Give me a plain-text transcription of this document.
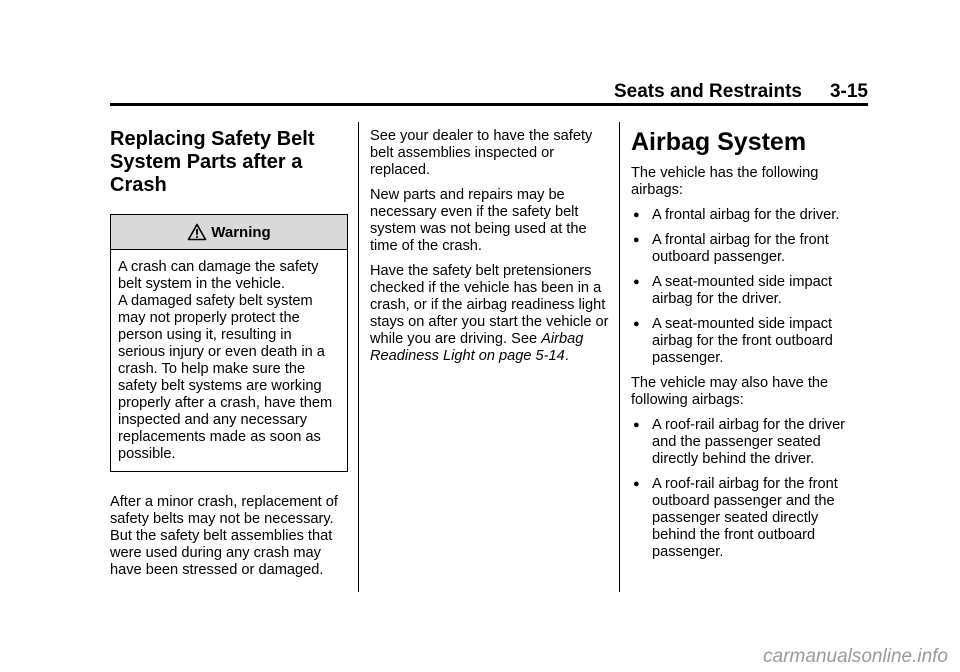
Seats and Restraints 3-15
Replacing Safety Belt System Parts after a Crash
Warning

A crash can damage the safety belt system in the vehicle.

A damaged safety belt system may not properly protect the person using it, resulting in serious injury or even death in a crash. To help make sure the safety belt systems are working properly after a crash, have them inspected and any necessary replacements made as soon as possible.

After a minor crash, replacement of safety belts may not be necessary. But the safety belt assemblies that were used during any crash may have been stressed or damaged.

See your dealer to have the safety belt assemblies inspected or replaced.

New parts and repairs may be necessary even if the safety belt system was not being used at the time of the crash.

Have the safety belt pretensioners checked if the vehicle has been in a crash, or if the airbag readiness light stays on after you start the vehicle or while you are driving. See Airbag Readiness Light on page 5-14.

Airbag System

The vehicle has the following airbags:

● A frontal airbag for the driver.
● A frontal airbag for the front outboard passenger.
● A seat-mounted side impact airbag for the driver.
● A seat-mounted side impact airbag for the front outboard passenger.

The vehicle may also have the following airbags:

● A roof-rail airbag for the driver and the passenger seated directly behind the driver.
● A roof-rail airbag for the front outboard passenger and the passenger seated directly behind the front outboard passenger.
carmanualsonline.info
